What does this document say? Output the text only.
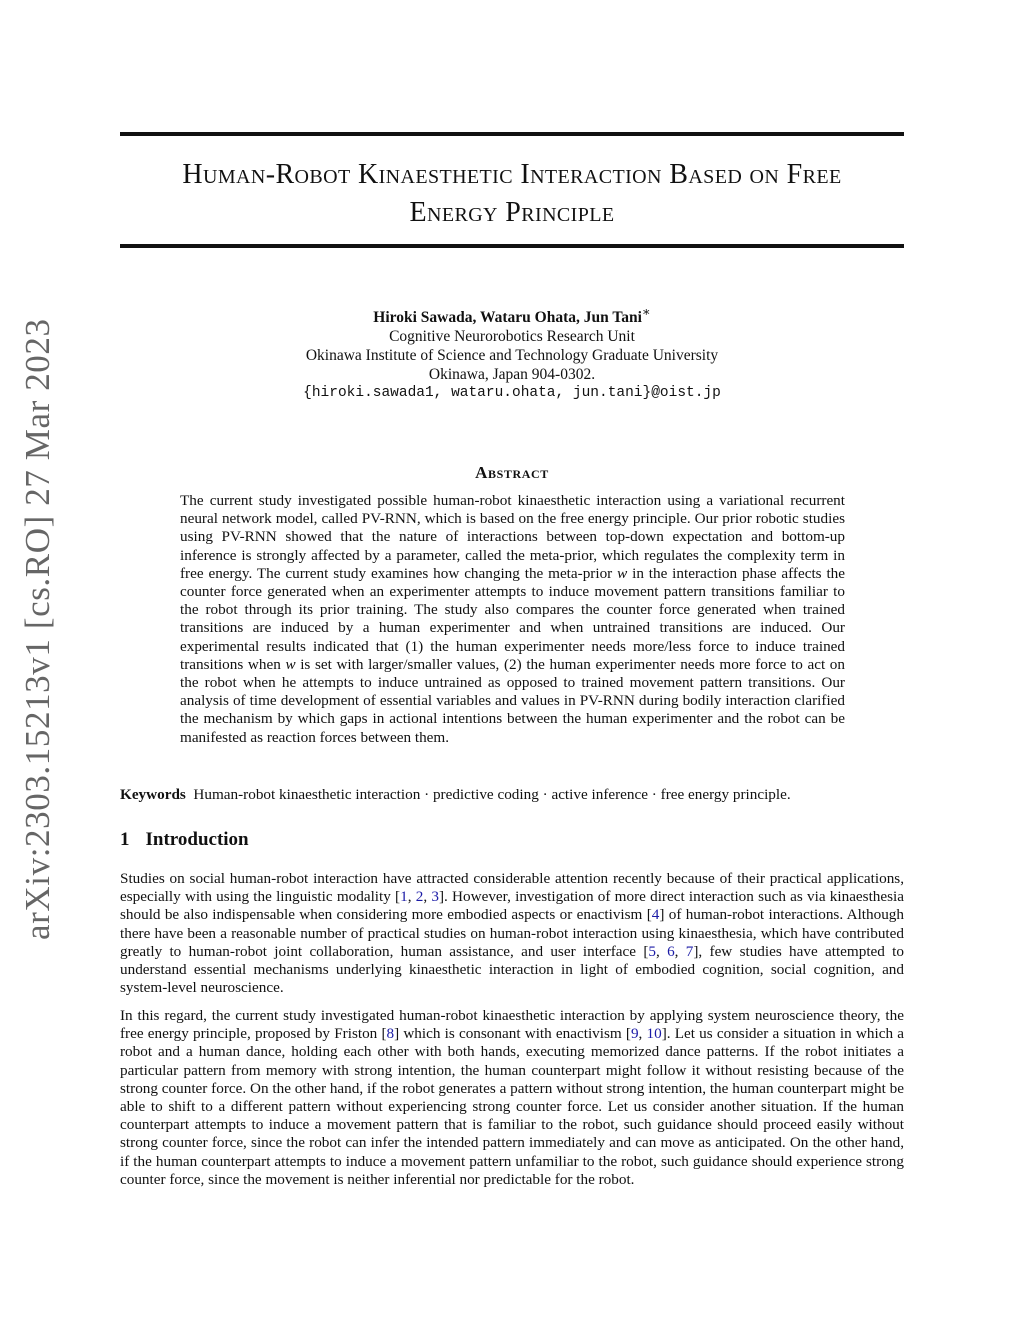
arXiv:2303.15213v1 [cs.RO] 27 Mar 2023
Human-Robot Kinaesthetic Interaction Based on Free
Energy Principle
Hiroki Sawada, Wataru Ohata, Jun Tani∗
Cognitive Neurorobotics Research Unit
Okinawa Institute of Science and Technology Graduate University
Okinawa, Japan 904-0302.
{hiroki.sawada1, wataru.ohata, jun.tani}@oist.jp
Abstract
The current study investigated possible human-robot kinaesthetic interaction using a variational recurrent neural network model, called PV-RNN, which is based on the free energy principle. Our prior robotic studies using PV-RNN showed that the nature of interactions between top-down expectation and bottom-up inference is strongly affected by a parameter, called the meta-prior, which regulates the complexity term in free energy. The current study examines how changing the meta-prior w in the interaction phase affects the counter force generated when an experimenter attempts to induce movement pattern transitions familiar to the robot through its prior training. The study also compares the counter force generated when trained transitions are induced by a human experimenter and when untrained transitions are induced. Our experimental results indicated that (1) the human experimenter needs more/less force to induce trained transitions when w is set with larger/smaller values, (2) the human experimenter needs more force to act on the robot when he attempts to induce untrained as opposed to trained movement pattern transitions. Our analysis of time development of essential variables and values in PV-RNN during bodily interaction clarified the mechanism by which gaps in actional intentions between the human experimenter and the robot can be manifested as reaction forces between them.
Keywords Human-robot kinaesthetic interaction · predictive coding · active inference · free energy principle.
1 Introduction

Studies on social human-robot interaction have attracted considerable attention recently because of their practical applications, especially with using the linguistic modality [1, 2, 3]. However, investigation of more direct interaction such as via kinaesthesia should be also indispensable when considering more embodied aspects or enactivism [4] of human-robot interactions. Although there have been a reasonable number of practical studies on human-robot interaction using kinaesthesia, which have contributed greatly to human-robot joint collaboration, human assistance, and user interface [5, 6, 7], few studies have attempted to understand essential mechanisms underlying kinaesthetic interaction in light of embodied cognition, social cognition, and system-level neuroscience.

In this regard, the current study investigated human-robot kinaesthetic interaction by applying system neuroscience theory, the free energy principle, proposed by Friston [8] which is consonant with enactivism [9, 10]. Let us consider a situation in which a robot and a human dance, holding each other with both hands, executing memorized dance patterns. If the robot initiates a particular pattern from memory with strong intention, the human counterpart might follow it without resisting because of the strong counter force. On the other hand, if the robot generates a pattern without strong intention, the human counterpart might be able to shift to a different pattern without experiencing strong counter force. Let us consider another situation. If the human counterpart attempts to induce a movement pattern that is familiar to the robot, such guidance should proceed easily without strong counter force, since the robot can infer the intended pattern immediately and can move as anticipated. On the other hand, if the human counterpart attempts to induce a movement pattern unfamiliar to the robot, such guidance should experience strong counter force, since the movement is neither inferential nor predictable for the robot.
